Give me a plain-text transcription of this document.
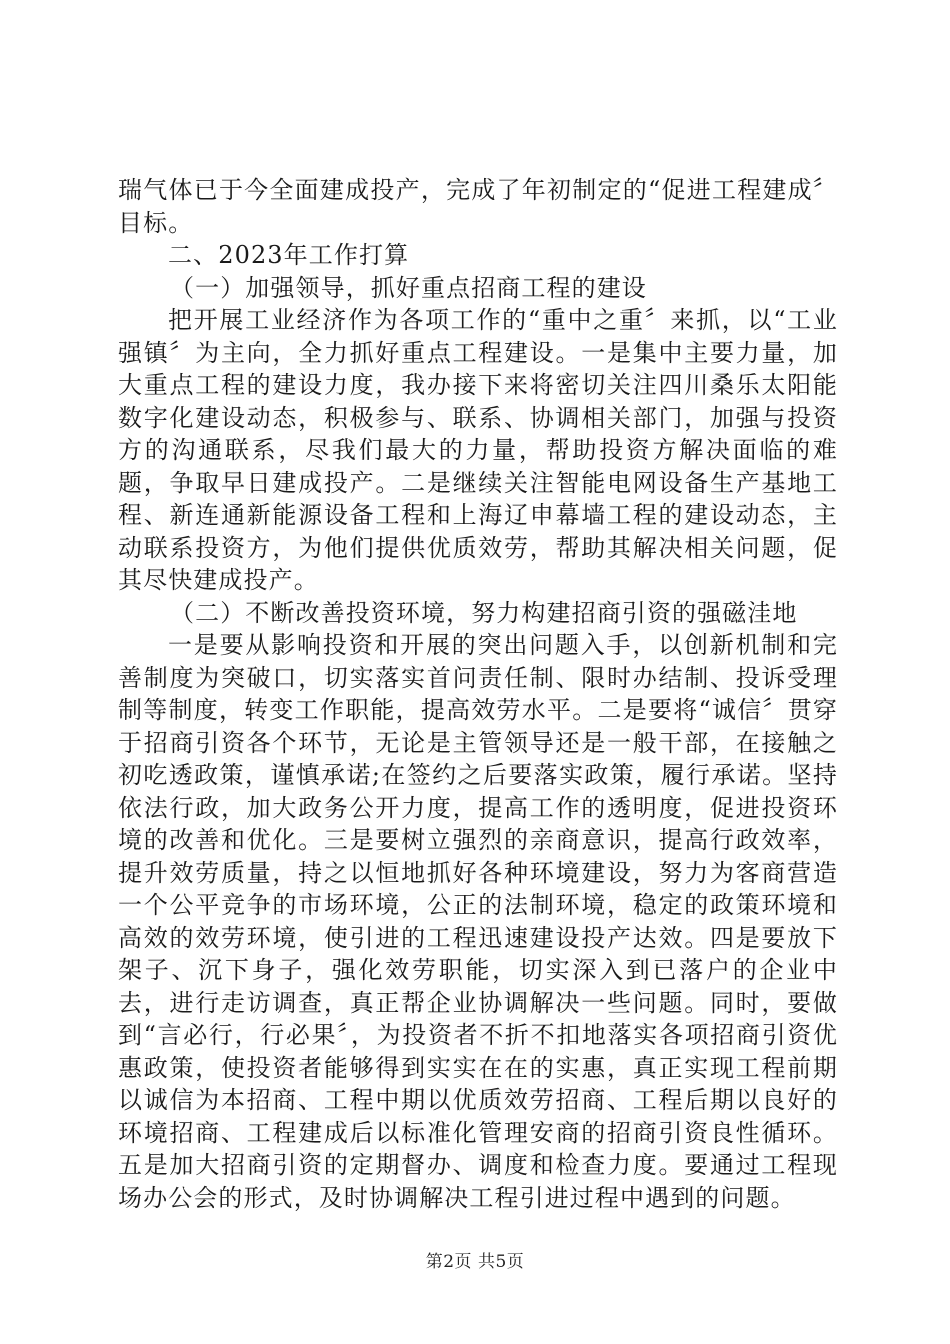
瑞气体已于今全面建成投产，完成了年初制定的“促进工程建成〞目标。

二、2023年工作打算

（一）加强领导，抓好重点招商工程的建设

把开展工业经济作为各项工作的“重中之重〞来抓，以“工业强镇〞为主向，全力抓好重点工程建设。一是集中主要力量，加大重点工程的建设力度，我办接下来将密切关注四川桑乐太阳能数字化建设动态，积极参与、联系、协调相关部门，加强与投资方的沟通联系，尽我们最大的力量，帮助投资方解决面临的难题，争取早日建成投产。二是继续关注智能电网设备生产基地工程、新连通新能源设备工程和上海辽申幕墙工程的建设动态，主动联系投资方，为他们提供优质效劳，帮助其解决相关问题，促其尽快建成投产。

（二）不断改善投资环境，努力构建招商引资的强磁洼地

一是要从影响投资和开展的突出问题入手，以创新机制和完善制度为突破口，切实落实首问责任制、限时办结制、投诉受理制等制度，转变工作职能，提高效劳水平。二是要将“诚信〞贯穿于招商引资各个环节，无论是主管领导还是一般干部，在接触之初吃透政策，谨慎承诺;在签约之后要落实政策，履行承诺。坚持依法行政，加大政务公开力度，提高工作的透明度，促进投资环境的改善和优化。三是要树立强烈的亲商意识，提高行政效率，提升效劳质量，持之以恒地抓好各种环境建设，努力为客商营造一个公平竞争的市场环境，公正的法制环境，稳定的政策环境和高效的效劳环境，使引进的工程迅速建设投产达效。四是要放下架子、沉下身子，强化效劳职能，切实深入到已落户的企业中去，进行走访调查，真正帮企业协调解决一些问题。同时，要做到“言必行，行必果〞，为投资者不折不扣地落实各项招商引资优惠政策，使投资者能够得到实实在在的实惠，真正实现工程前期以诚信为本招商、工程中期以优质效劳招商、工程后期以良好的环境招商、工程建成后以标准化管理安商的招商引资良性循环。五是加大招商引资的定期督办、调度和检查力度。要通过工程现场办公会的形式，及时协调解决工程引进过程中遇到的问题。

第2页 共5页
